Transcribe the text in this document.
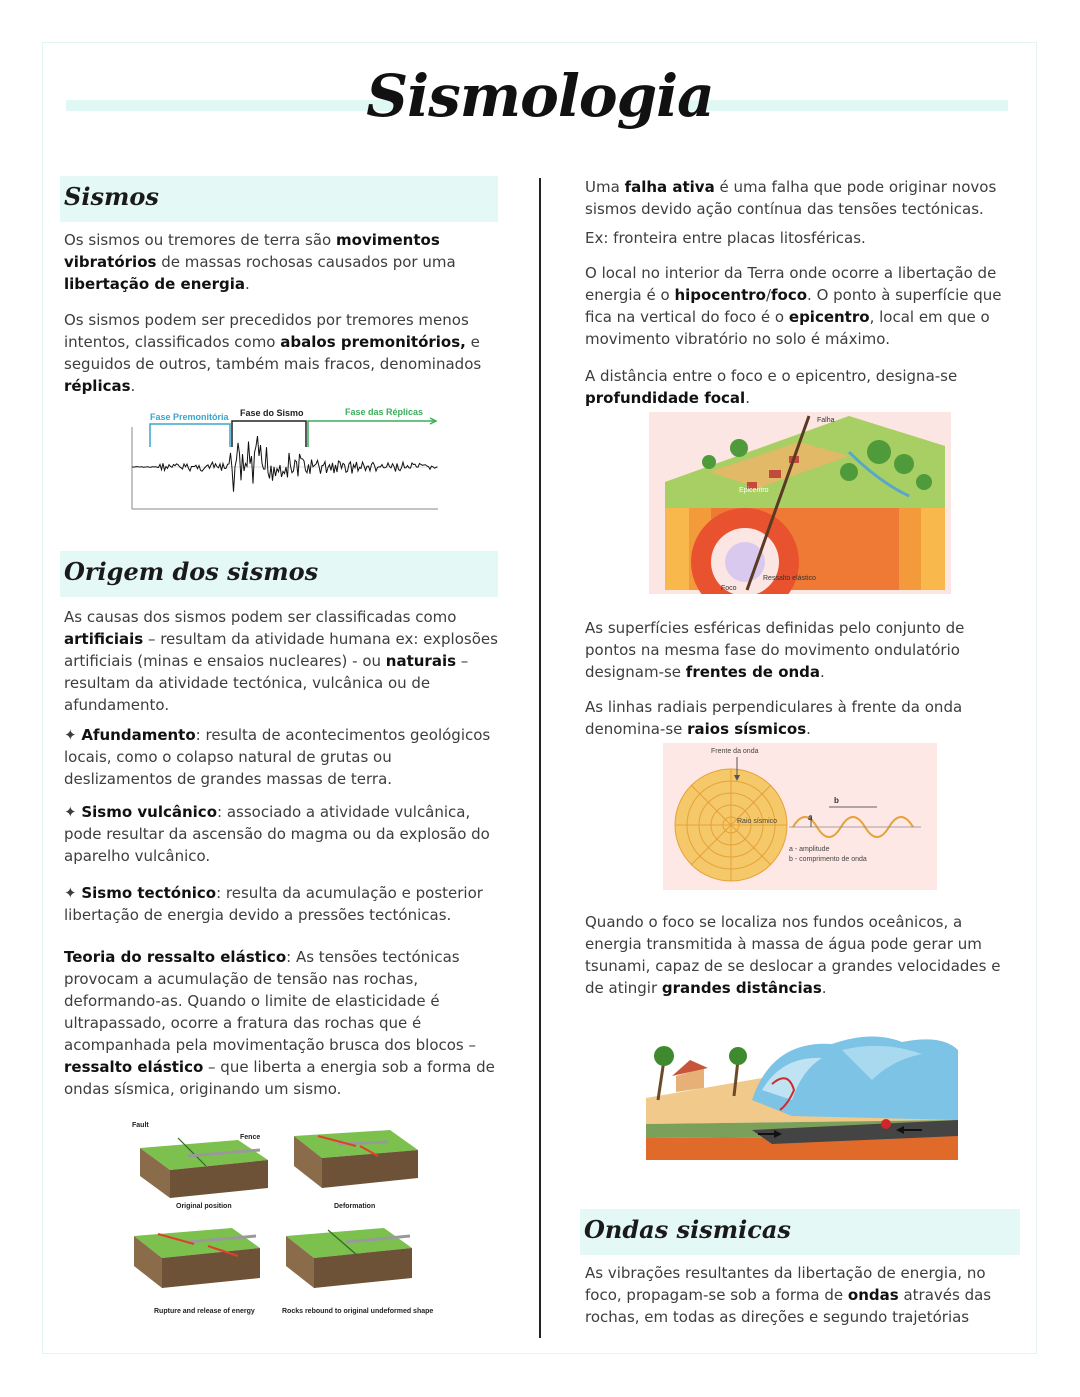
Sismologia
Sismos

Os sismos ou tremores de terra são movimentos vibratórios de massas rochosas causados por uma libertação de energia.

Os sismos podem ser precedidos por tremores menos intentos, classificados como abalos premonitórios, e seguidos de outros, também mais fracos, denominados réplicas.

Fase Premonitória Fase do Sismo	Fase das Réplicas
Origem dos sismos

As causas dos sismos podem ser classificadas como artificiais – resultam da atividade humana ex: explosões artificiais (minas e ensaios nucleares) - ou naturais – resultam da atividade tectónica, vulcânica ou de afundamento.

✦ Afundamento: resulta de acontecimentos geológicos locais, como o colapso natural de grutas ou deslizamentos de grandes massas de terra.

✦ Sismo vulcânico: associado a atividade vulcânica, pode resultar da ascensão do magma ou da explosão do aparelho vulcânico.

✦ Sismo tectónico: resulta da acumulação e posterior libertação de energia devido a pressões tectónicas.

Teoria do ressalto elástico: As tensões tectónicas provocam a acumulação de tensão nas rochas, deformando-as. Quando o limite de elasticidade é ultrapassado, ocorre a fratura das rochas que é acompanhada pela movimentação brusca dos blocos – ressalto elástico – que liberta a energia sob a forma de ondas sísmica, originando um sismo.

Fault
Fence
Original position	Deformation
Rupture and release of energy	Rocks rebound to original undeformed shape

Uma falha ativa é uma falha que pode originar novos sismos devido ação contínua das tensões tectónicas.

Ex: fronteira entre placas litosféricas.

O local no interior da Terra onde ocorre a libertação de energia é o hipocentro/foco. O ponto à superfície que fica na vertical do foco é o epicentro, local em que o movimento vibratório no solo é máximo.

A distância entre o foco e o epicentro, designa-se profundidade focal.

Falha
Epicentro
Foco
Ressalto elástico

As superfícies esféricas definidas pelo conjunto de pontos na mesma fase do movimento ondulatório designam-se frentes de onda.

As linhas radiais perpendiculares à frente da onda denomina-se raios sísmicos.

Frente da onda
Raio sísmico
b
a
a - amplitude
b - comprimento de onda

Quando o foco se localiza nos fundos oceânicos, a energia transmitida à massa de água pode gerar um tsunami, capaz de se deslocar a grandes velocidades e de atingir grandes distâncias.

Ondas sismicas

As vibrações resultantes da libertação de energia, no foco, propagam-se sob a forma de ondas através das rochas, em todas as direções e segundo trajetórias
